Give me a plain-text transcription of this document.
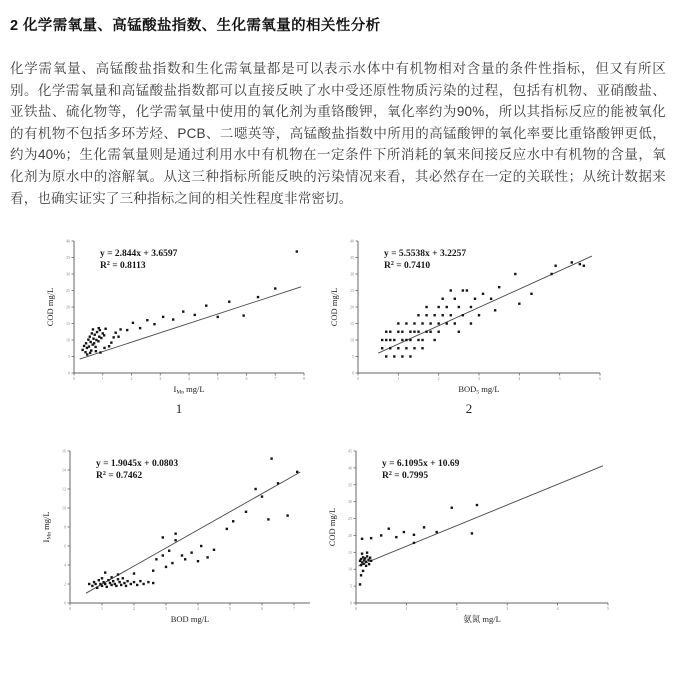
2 化学需氧量、高锰酸盐指数、生化需氧量的相关性分析

化学需氧量、高锰酸盐指数和生化需氧量都是可以表示水体中有机物相对含量的条件性指标，但又有所区别。化学需氧量和高锰酸盐指数都可以直接反映了水中受还原性物质污染的过程，包括有机物、亚硝酸盐、亚铁盐、硫化物等，化学需氧量中使用的氧化剂为重铬酸钾，氧化率约为90%，所以其指标反应的能被氧化的有机物不包括多环芳烃、PCB、二噁英等，高锰酸盐指数中所用的高锰酸钾的氧化率要比重铬酸钾更低，约为40%；生化需氧量则是通过利用水中有机物在一定条件下所消耗的氧来间接反应水中有机物的含量，氧化剂为原水中的溶解氧。从这三种指标所能反映的污染情况来看，其必然存在一定的关联性；从统计数据来看，也确实证实了三种指标之间的相关性程度非常密切。

0	1	2	3	4	5	6	7	8
0
5
10
15
20
25
30
35
40
y = 2.844x + 3.6597
$R^2 = 0.8113$
COD mg/L
IMn mg/L
0	1	2	3	4	5	6
0
5
10
15
20
25
30
35
40
y = 5.5538x + 3.2257
$R^2 = 0.7410$
COD mg/L
BOD5 mg/L
1	2
0	1	2	3	4	5	6	7
0
2
4
6
8
10
12
14
16
y = 1.9045x + 0.0803
$R^2 = 0.7462$
IMn mg/L
BOD mg/L
0	1	2	3	4	5
0
5
10
15
20
25
30
35
40
45
y = 6.1095x + 10.69
$R^2 = 0.7995$
COD mg/L
氨氮 mg/L
